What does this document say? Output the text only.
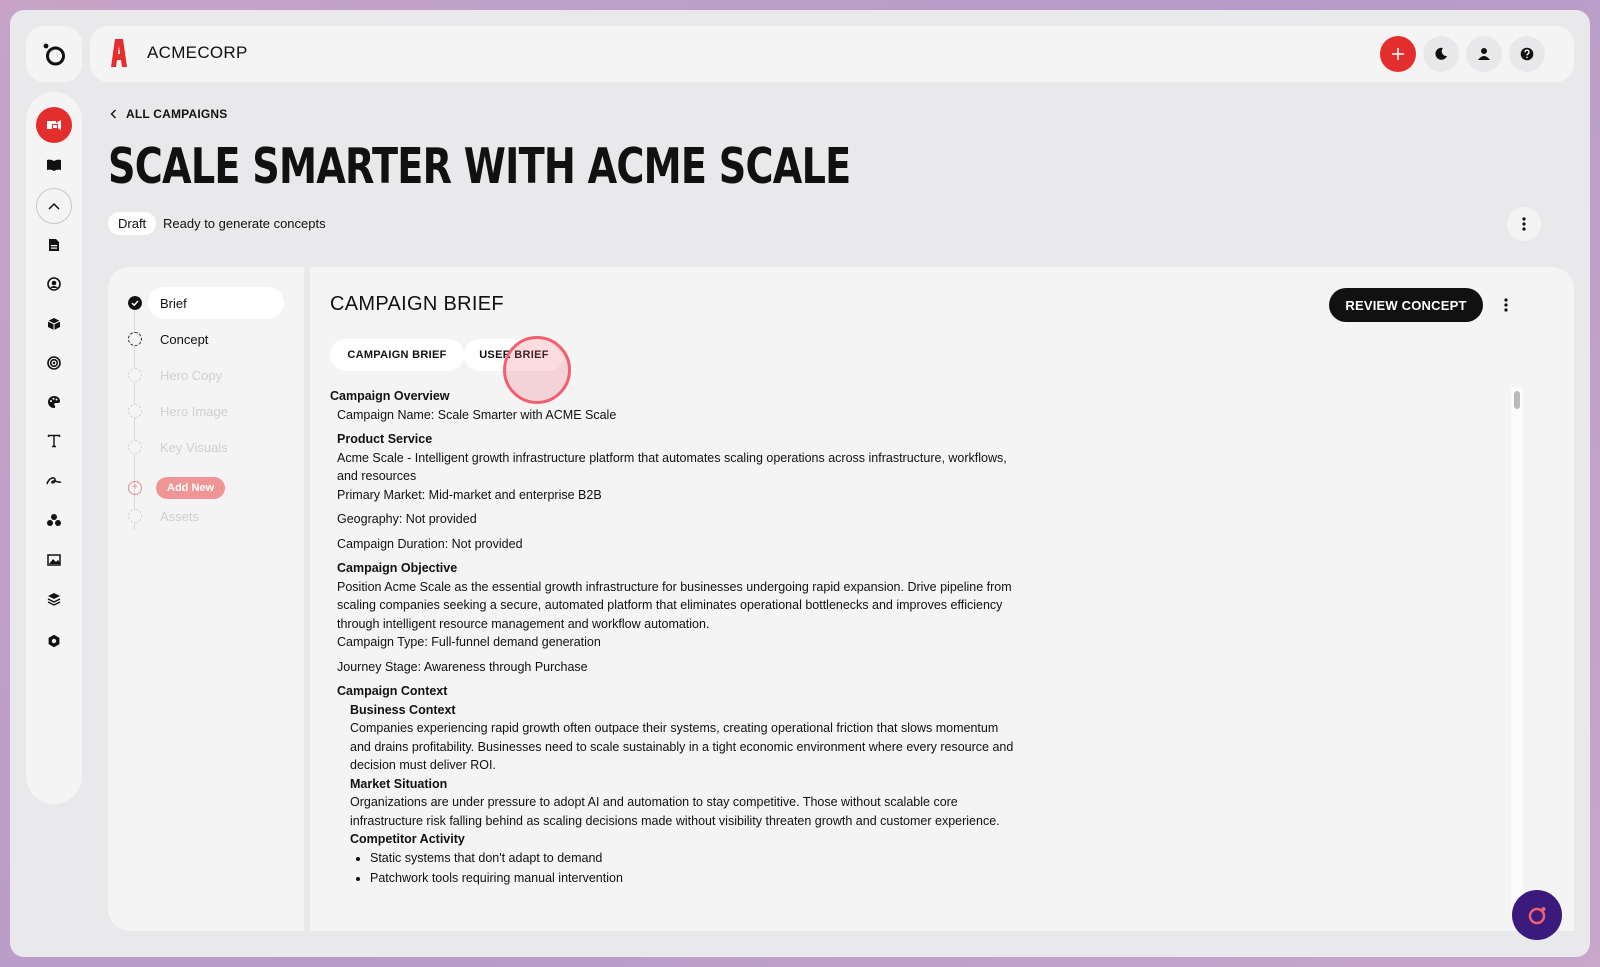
ACMECORP
ALL CAMPAIGNS
SCALE SMARTER WITH ACME SCALE
Draft	Ready to generate concepts
Brief
Concept
Hero Copy
Hero Image
Key Visuals
+	Add New
Assets
CAMPAIGN BRIEF	REVIEW CONCEPT
CAMPAIGN BRIEF	USER BRIEF
Campaign Overview
Campaign Name: Scale Smarter with ACME Scale
Product Service
Acme Scale - Intelligent growth infrastructure platform that automates scaling operations across infrastructure, workflows, and resources
Primary Market: Mid-market and enterprise B2B
Geography: Not provided
Campaign Duration: Not provided
Campaign Objective
Position Acme Scale as the essential growth infrastructure for businesses undergoing rapid expansion. Drive pipeline from scaling companies seeking a secure, automated platform that eliminates operational bottlenecks and improves efficiency through intelligent resource management and workflow automation.
Campaign Type: Full-funnel demand generation
Journey Stage: Awareness through Purchase
Campaign Context
Business Context
Companies experiencing rapid growth often outpace their systems, creating operational friction that slows momentum and drains profitability. Businesses need to scale sustainably in a tight economic environment where every resource and decision must deliver ROI.
Market Situation
Organizations are under pressure to adopt AI and automation to stay competitive. Those without scalable core infrastructure risk falling behind as scaling decisions made without visibility threaten growth and customer experience.
Competitor Activity
• Static systems that don't adapt to demand
• Patchwork tools requiring manual intervention
